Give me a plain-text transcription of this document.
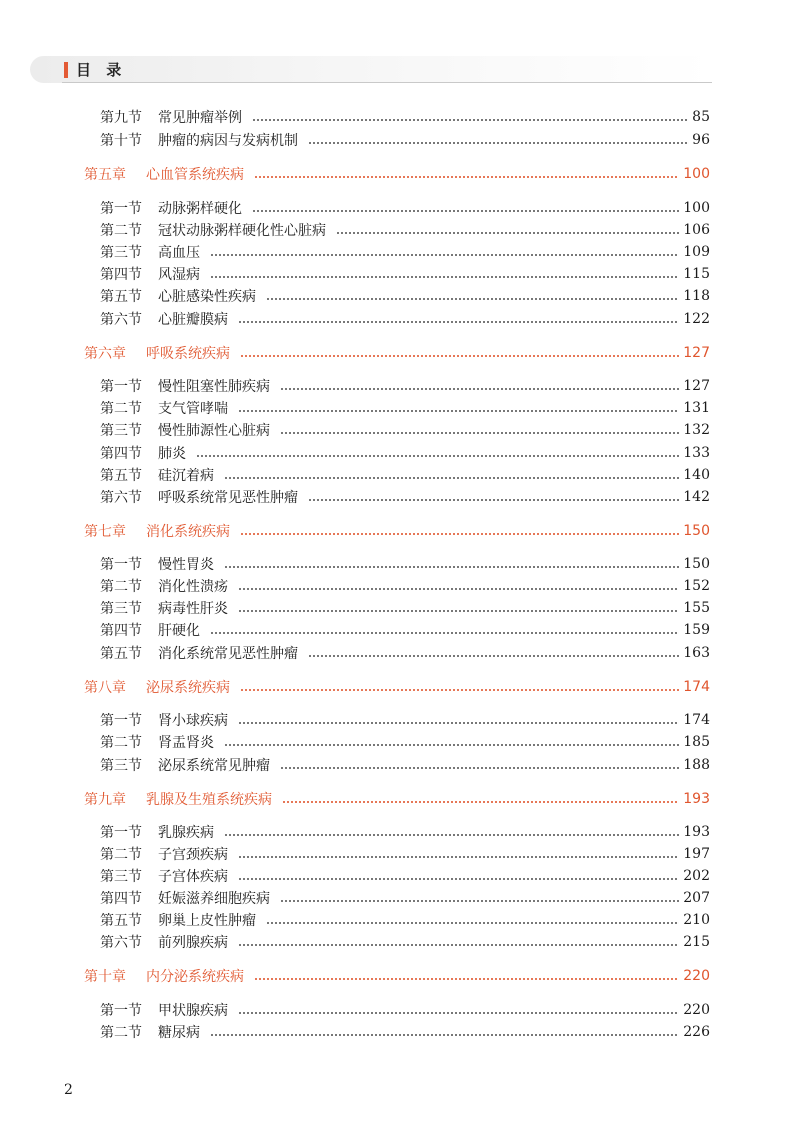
目 录
第九节	常见肿瘤举例	85
第十节	肿瘤的病因与发病机制	96
第五章	心血管系统疾病	100
第一节	动脉粥样硬化	100
第二节	冠状动脉粥样硬化性心脏病	106
第三节	高血压	109
第四节	风湿病	115
第五节	心脏感染性疾病	118
第六节	心脏瓣膜病	122
第六章	呼吸系统疾病	127
第一节	慢性阻塞性肺疾病	127
第二节	支气管哮喘	131
第三节	慢性肺源性心脏病	132
第四节	肺炎	133
第五节	硅沉着病	140
第六节	呼吸系统常见恶性肿瘤	142
第七章	消化系统疾病	150
第一节	慢性胃炎	150
第二节	消化性溃疡	152
第三节	病毒性肝炎	155
第四节	肝硬化	159
第五节	消化系统常见恶性肿瘤	163
第八章	泌尿系统疾病	174
第一节	肾小球疾病	174
第二节	肾盂肾炎	185
第三节	泌尿系统常见肿瘤	188
第九章	乳腺及生殖系统疾病	193
第一节	乳腺疾病	193
第二节	子宫颈疾病	197
第三节	子宫体疾病	202
第四节	妊娠滋养细胞疾病	207
第五节	卵巢上皮性肿瘤	210
第六节	前列腺疾病	215
第十章	内分泌系统疾病	220
第一节	甲状腺疾病	220
第二节	糖尿病	226
2
